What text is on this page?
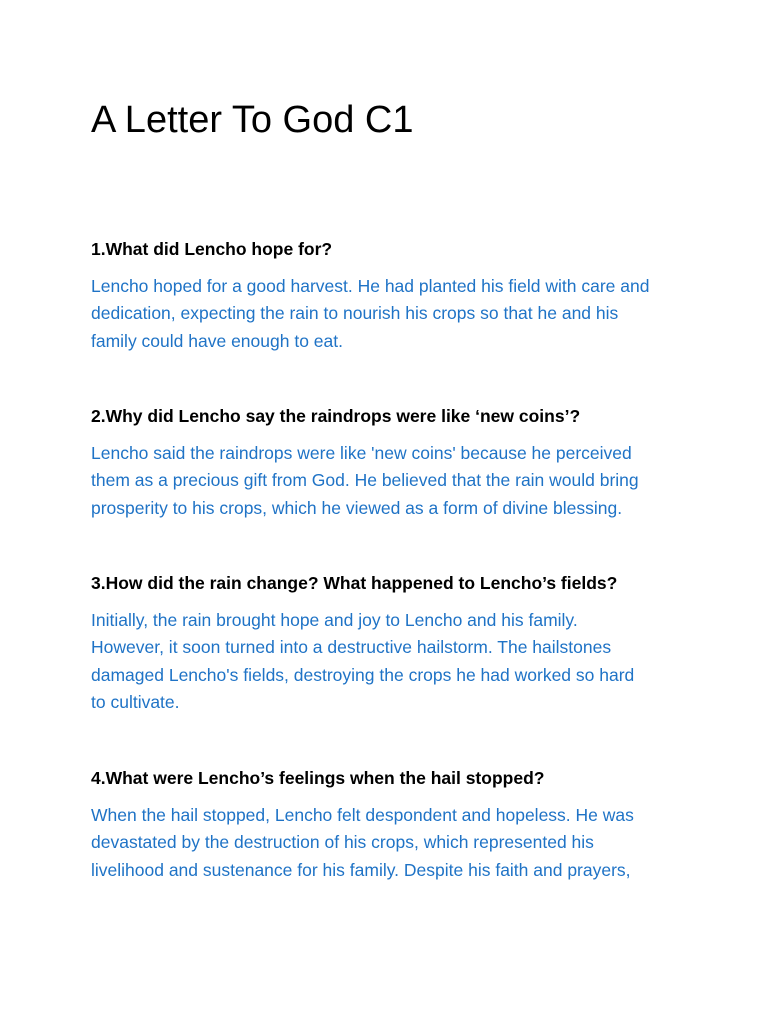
A Letter To God C1

1.What did Lencho hope for?

Lencho hoped for a good harvest. He had planted his field with care and
dedication, expecting the rain to nourish his crops so that he and his
family could have enough to eat.

2.Why did Lencho say the raindrops were like ‘new coins’?

Lencho said the raindrops were like 'new coins' because he perceived
them as a precious gift from God. He believed that the rain would bring
prosperity to his crops, which he viewed as a form of divine blessing.

3.How did the rain change? What happened to Lencho’s fields?

Initially, the rain brought hope and joy to Lencho and his family.
However, it soon turned into a destructive hailstorm. The hailstones
damaged Lencho's fields, destroying the crops he had worked so hard
to cultivate.

4.What were Lencho’s feelings when the hail stopped?

When the hail stopped, Lencho felt despondent and hopeless. He was
devastated by the destruction of his crops, which represented his
livelihood and sustenance for his family. Despite his faith and prayers,
